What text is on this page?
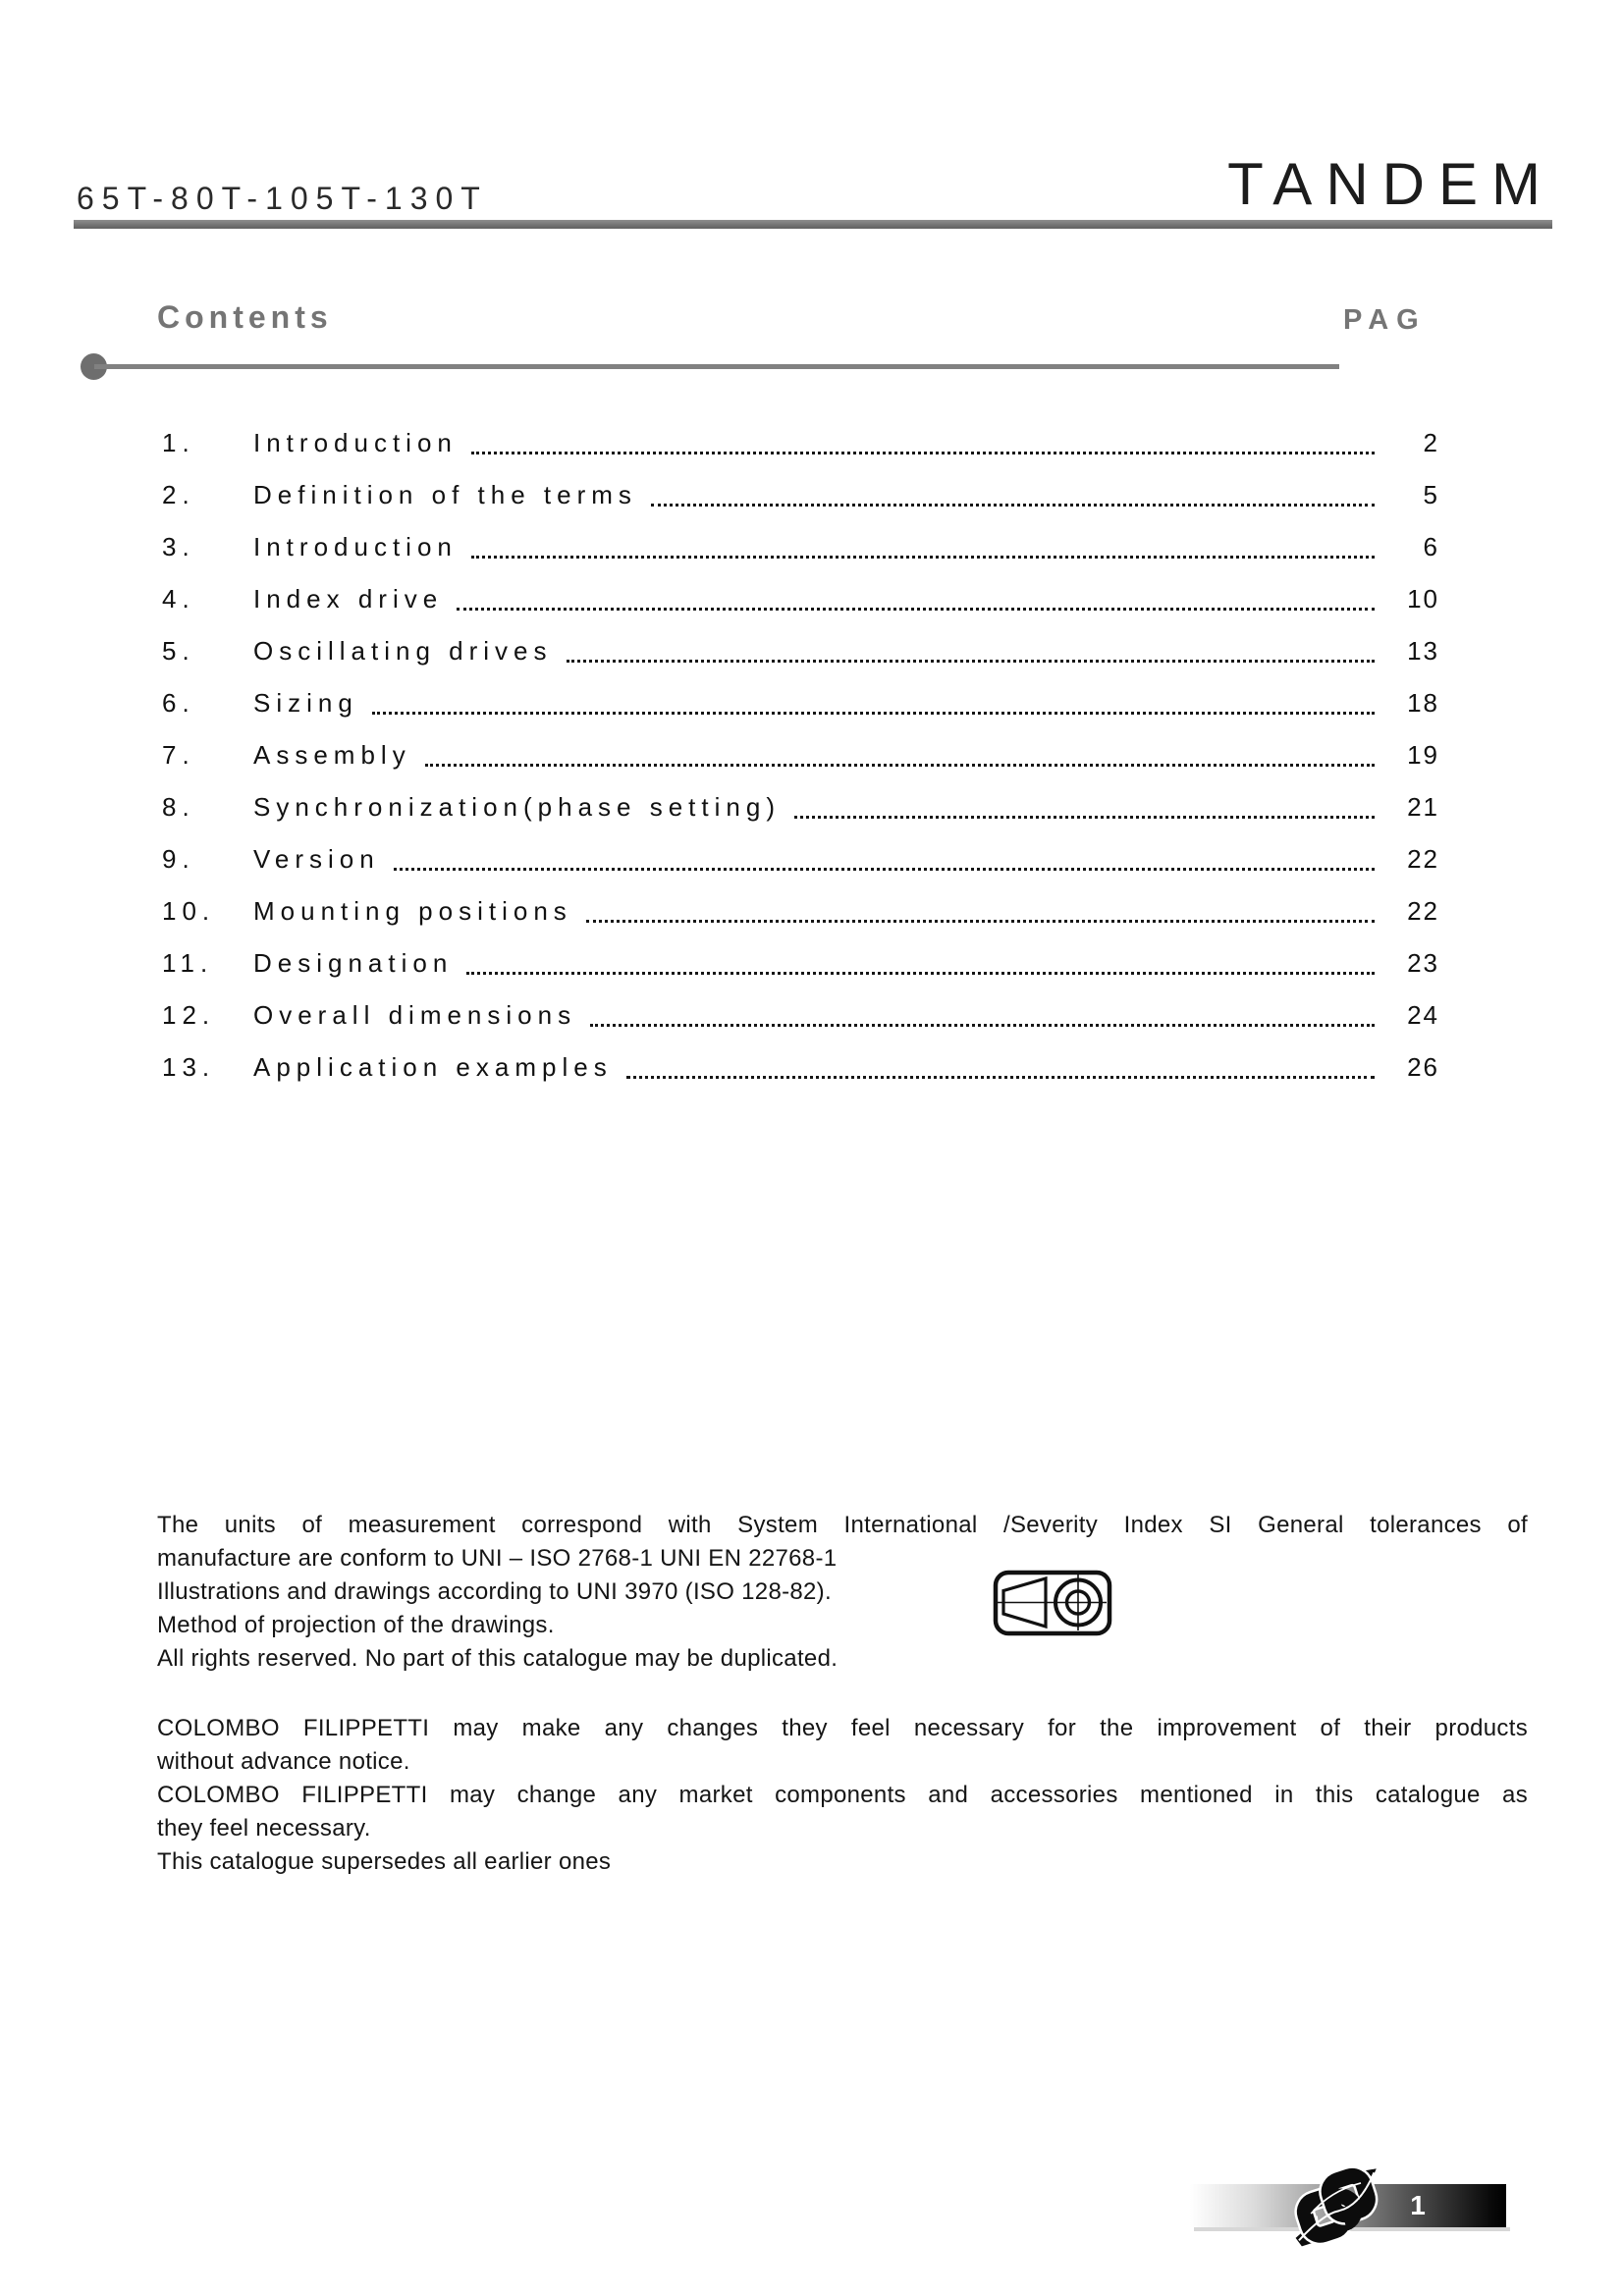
65T-80T-105T-130T	TANDEM
Contents	PAG
1.	Introduction	2
2.	Definition of the terms	5
3.	Introduction	6
4.	Index drive	10
5.	Oscillating drives	13
6.	Sizing	18
7.	Assembly	19
8.	Synchronization(phase setting)	21
9.	Version	22
10.	Mounting positions	22
11.	Designation	23
12.	Overall dimensions	24
13.	Application examples	26
The units of measurement correspond with System International /Severity Index SI General tolerances of
manufacture are conform to UNI – ISO 2768-1 UNI EN 22768-1
Illustrations and drawings according to UNI 3970 (ISO 128-82).
Method of projection of the drawings.
All rights reserved. No part of this catalogue may be duplicated.
COLOMBO FILIPPETTI may make any changes they feel necessary for the improvement of their products
without advance notice.
COLOMBO FILIPPETTI may change any market components and accessories mentioned in this catalogue as
they feel necessary.
This catalogue supersedes all earlier ones
1
